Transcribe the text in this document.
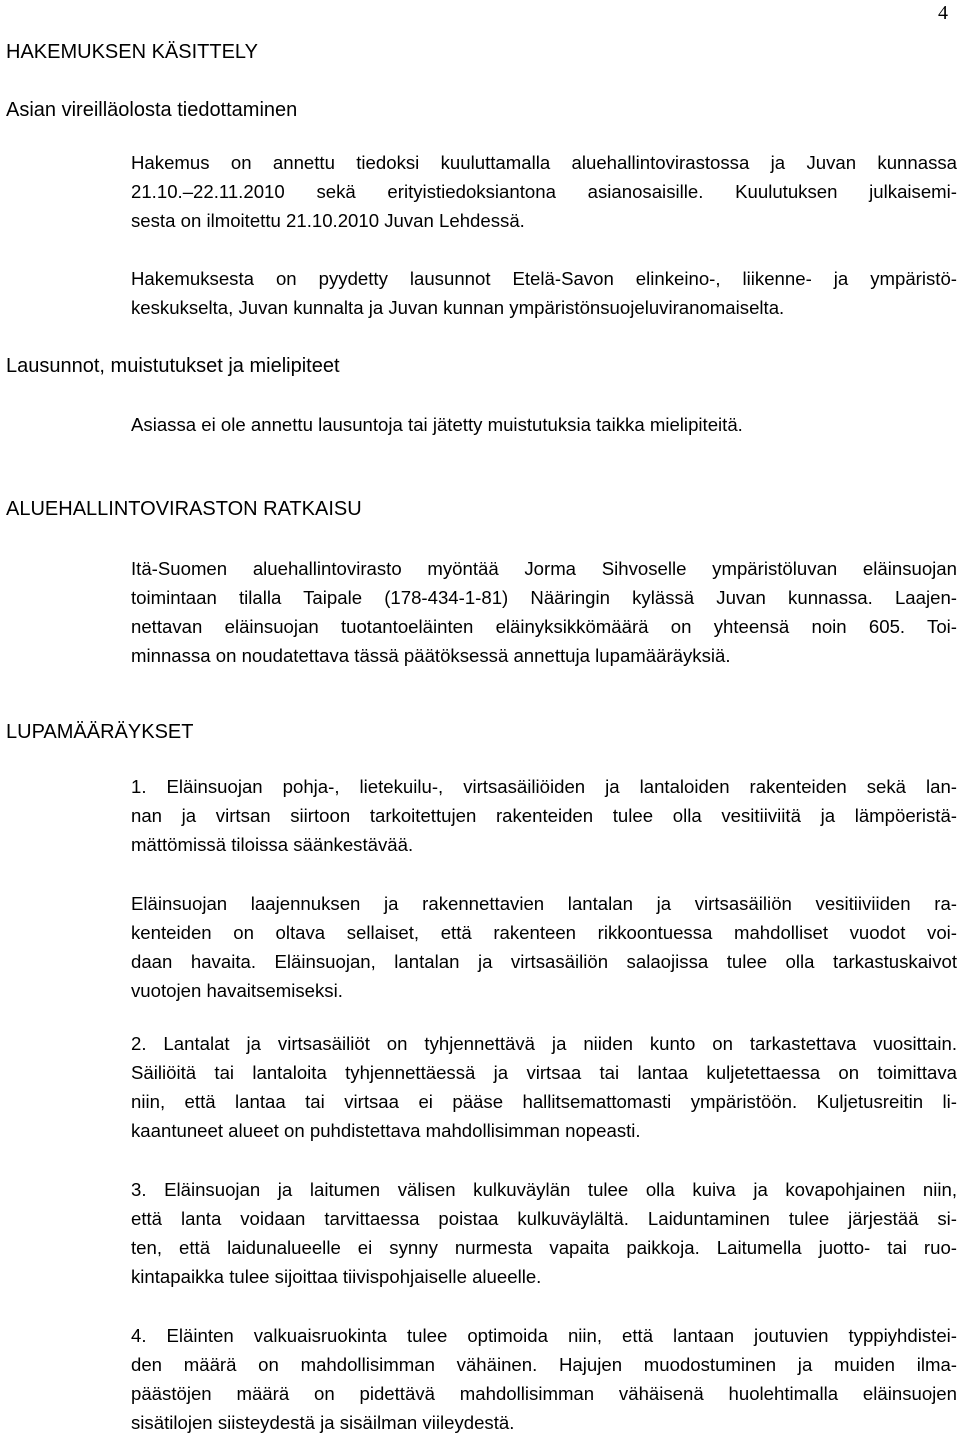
4
HAKEMUKSEN KÄSITTELY
Asian vireilläolosta tiedottaminen
Hakemus on annettu tiedoksi kuuluttamalla aluehallintovirastossa ja Juvan kunnassa
21.10.–22.11.2010 sekä erityistiedoksiantona asianosaisille. Kuulutuksen julkaisemi-
sesta on ilmoitettu 21.10.2010 Juvan Lehdessä.
Hakemuksesta on pyydetty lausunnot Etelä-Savon elinkeino-, liikenne- ja ympäristö-
keskukselta, Juvan kunnalta ja Juvan kunnan ympäristönsuojeluviranomaiselta.
Lausunnot, muistutukset ja mielipiteet
Asiassa ei ole annettu lausuntoja tai jätetty muistutuksia taikka mielipiteitä.
ALUEHALLINTOVIRASTON RATKAISU
Itä-Suomen aluehallintovirasto myöntää Jorma Sihvoselle ympäristöluvan eläinsuojan
toimintaan tilalla Taipale (178-434-1-81) Nääringin kylässä Juvan kunnassa. Laajen-
nettavan eläinsuojan tuotantoeläinten eläinyksikkömäärä on yhteensä noin 605. Toi-
minnassa on noudatettava tässä päätöksessä annettuja lupamääräyksiä.
LUPAMÄÄRÄYKSET
1. Eläinsuojan pohja-, lietekuilu-, virtsasäiliöiden ja lantaloiden rakenteiden sekä lan-
nan ja virtsan siirtoon tarkoitettujen rakenteiden tulee olla vesitiiviitä ja lämpöeristä-
mättömissä tiloissa säänkestävää.
Eläinsuojan laajennuksen ja rakennettavien lantalan ja virtsasäiliön vesitiiviiden ra-
kenteiden on oltava sellaiset, että rakenteen rikkoontuessa mahdolliset vuodot voi-
daan havaita. Eläinsuojan, lantalan ja virtsasäiliön salaojissa tulee olla tarkastuskaivot
vuotojen havaitsemiseksi.
2. Lantalat ja virtsasäiliöt on tyhjennettävä ja niiden kunto on tarkastettava vuosittain.
Säiliöitä tai lantaloita tyhjennettäessä ja virtsaa tai lantaa kuljetettaessa on toimittava
niin, että lantaa tai virtsaa ei pääse hallitsemattomasti ympäristöön. Kuljetusreitin li-
kaantuneet alueet on puhdistettava mahdollisimman nopeasti.
3. Eläinsuojan ja laitumen välisen kulkuväylän tulee olla kuiva ja kovapohjainen niin,
että lanta voidaan tarvittaessa poistaa kulkuväylältä. Laiduntaminen tulee järjestää si-
ten, että laidunalueelle ei synny nurmesta vapaita paikkoja. Laitumella juotto- tai ruo-
kintapaikka tulee sijoittaa tiivispohjaiselle alueelle.
4. Eläinten valkuaisruokinta tulee optimoida niin, että lantaan joutuvien typpiyhdistei-
den määrä on mahdollisimman vähäinen. Hajujen muodostuminen ja muiden ilma-
päästöjen määrä on pidettävä mahdollisimman vähäisenä huolehtimalla eläinsuojen
sisätilojen siisteydestä ja sisäilman viileydestä.
